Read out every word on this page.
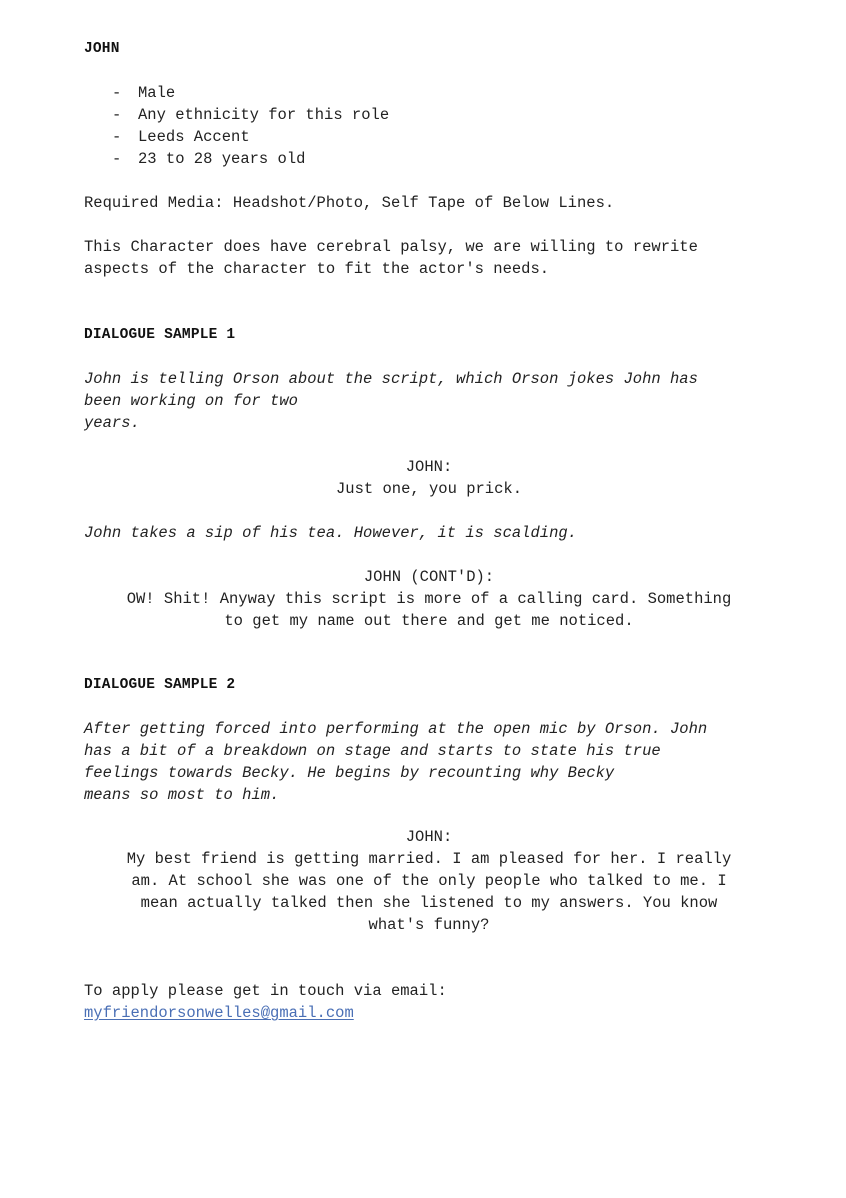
JOHN
- Male
- Any ethnicity for this role
- Leeds Accent
- 23 to 28 years old
Required Media: Headshot/Photo, Self Tape of Below Lines.
This Character does have cerebral palsy, we are willing to rewrite
aspects of the character to fit the actor's needs.
DIALOGUE SAMPLE 1
John is telling Orson about the script, which Orson jokes John has
been working on for two
years.
JOHN:
Just one, you prick.
John takes a sip of his tea. However, it is scalding.
JOHN (CONT'D):
OW! Shit! Anyway this script is more of a calling card. Something
to get my name out there and get me noticed.
DIALOGUE SAMPLE 2
After getting forced into performing at the open mic by Orson. John
has a bit of a breakdown on stage and starts to state his true
feelings towards Becky. He begins by recounting why Becky
means so most to him.
JOHN:
My best friend is getting married. I am pleased for her. I really
am. At school she was one of the only people who talked to me. I
mean actually talked then she listened to my answers. You know
what's funny?
To apply please get in touch via email:
myfriendorsonwelles@gmail.com
